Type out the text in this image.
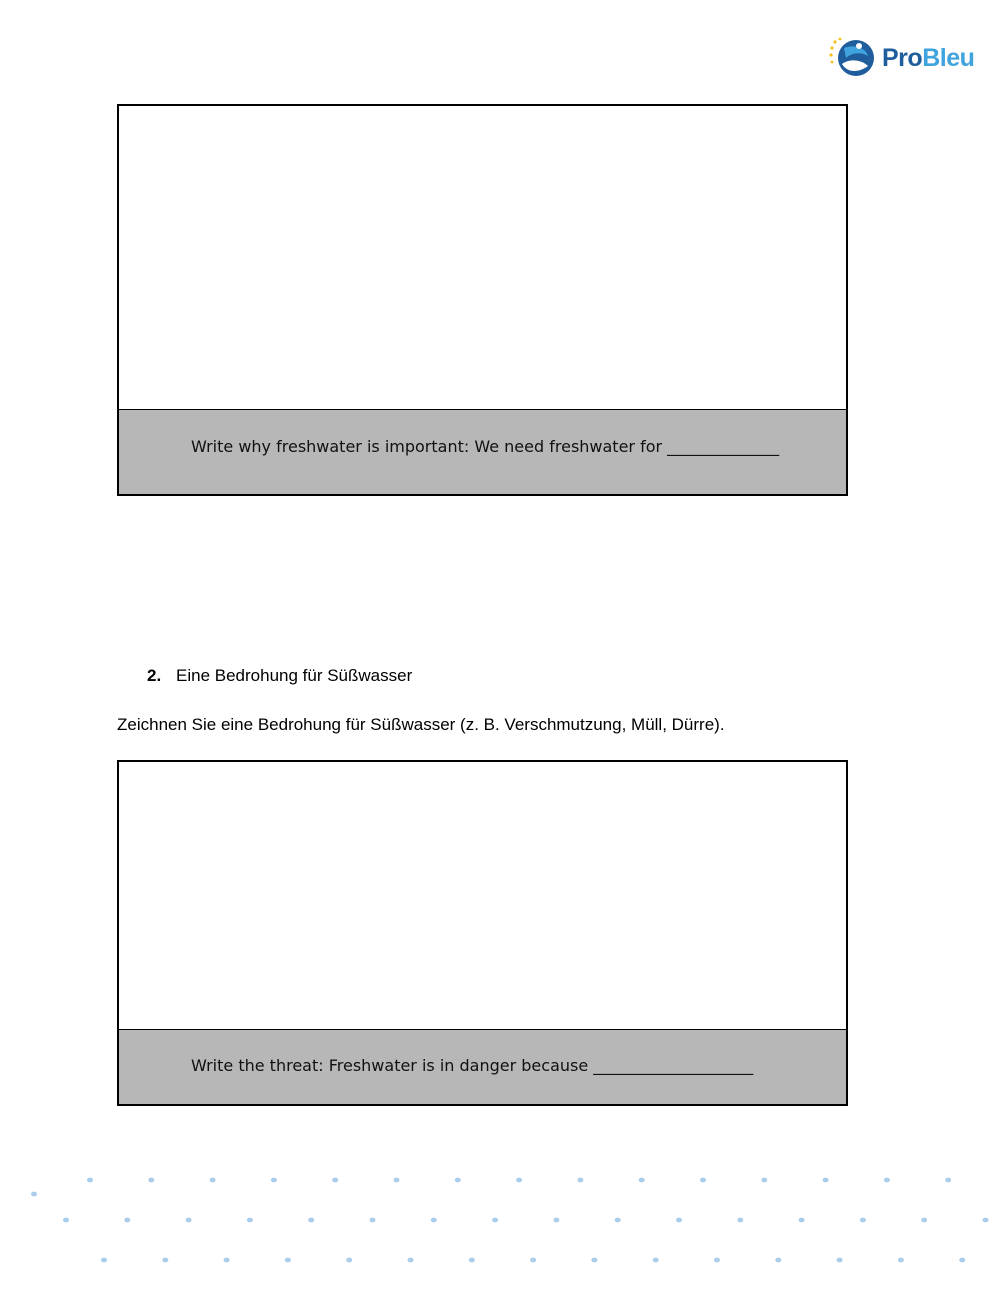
ProBleu
Write why freshwater is important: We need freshwater for ______________
2. Eine Bedrohung für Süßwasser
Zeichnen Sie eine Bedrohung für Süßwasser (z. B. Verschmutzung, Müll, Dürre).
Write the threat: Freshwater is in danger because ____________________
